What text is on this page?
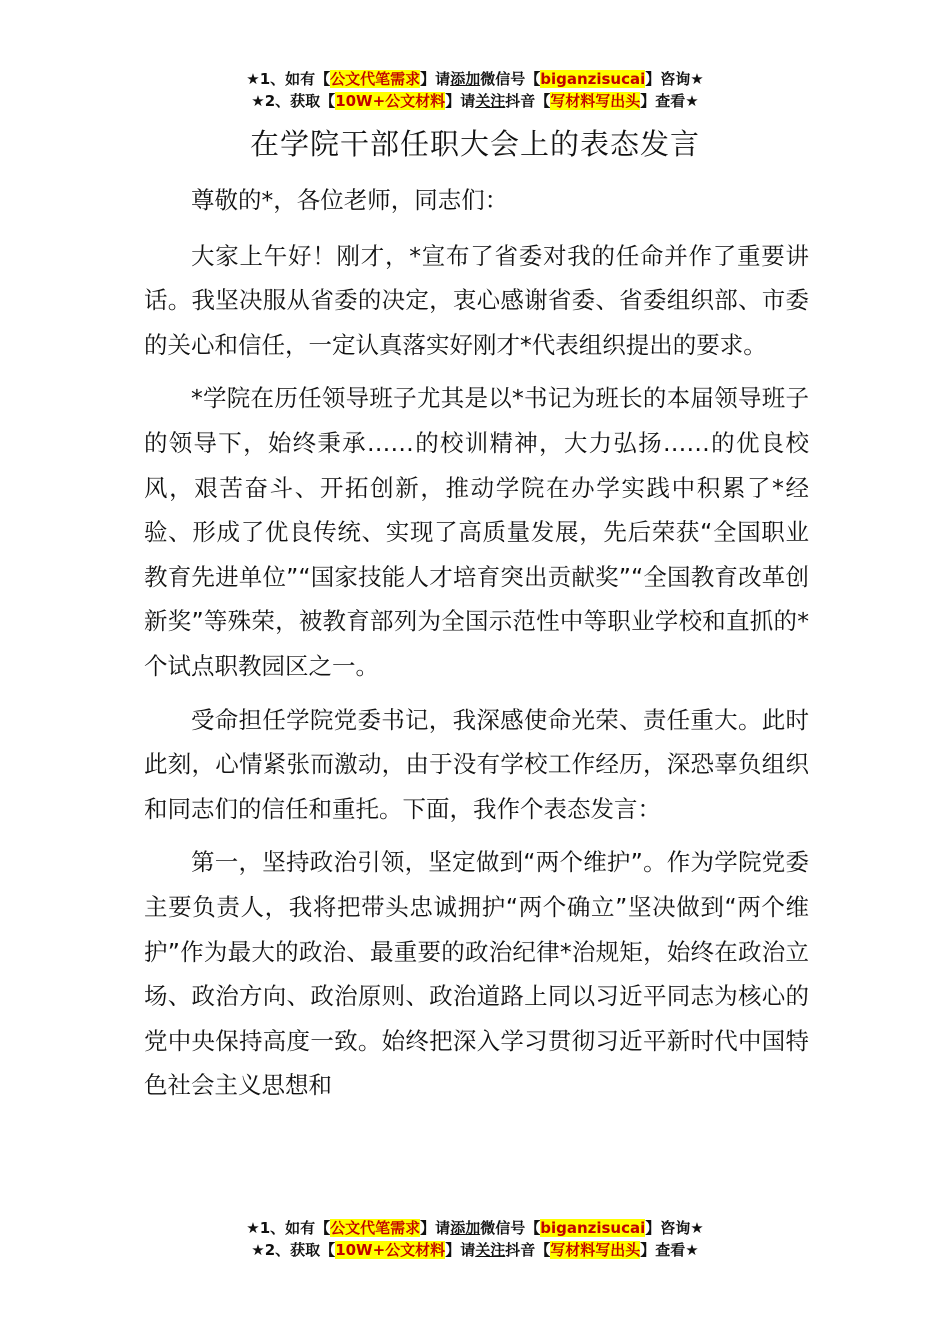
★1、如有【公文代笔需求】请添加微信号【biganzisucai】咨询★
★2、获取【10W+公文材料】请关注抖音【写材料写出头】查看★
在学院干部任职大会上的表态发言

尊敬的*，各位老师，同志们：

大家上午好！刚才，*宣布了省委对我的任命并作了重要讲话。我坚决服从省委的决定，衷心感谢省委、省委组织部、市委的关心和信任，一定认真落实好刚才*代表组织提出的要求。

*学院在历任领导班子尤其是以*书记为班长的本届领导班子的领导下，始终秉承……的校训精神，大力弘扬……的优良校风，艰苦奋斗、开拓创新，推动学院在办学实践中积累了*经验、形成了优良传统、实现了高质量发展，先后荣获“全国职业教育先进单位”“国家技能人才培育突出贡献奖”“全国教育改革创新奖”等殊荣，被教育部列为全国示范性中等职业学校和直抓的*个试点职教园区之一。

受命担任学院党委书记，我深感使命光荣、责任重大。此时此刻，心情紧张而激动，由于没有学校工作经历，深恐辜负组织和同志们的信任和重托。下面，我作个表态发言：

第一，坚持政治引领，坚定做到“两个维护”。作为学院党委主要负责人，我将把带头忠诚拥护“两个确立”坚决做到“两个维护”作为最大的政治、最重要的政治纪律*治规矩，始终在政治立场、政治方向、政治原则、政治道路上同以习近平同志为核心的党中央保持高度一致。始终把深入学习贯彻习近平新时代中国特色社会主义思想和

★1、如有【公文代笔需求】请添加微信号【biganzisucai】咨询★
★2、获取【10W+公文材料】请关注抖音【写材料写出头】查看★
